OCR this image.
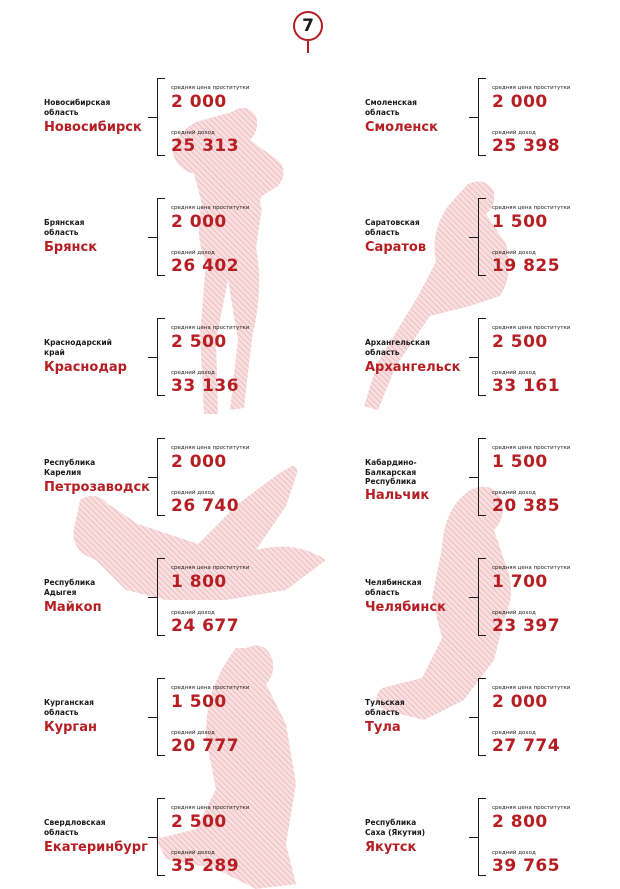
7
Новосибирская
область
Новосибирск
средняя цена проститутки
2 000
средний доход
25 313
Брянская
область
Брянск
средняя цена проститутки
2 000
средний доход
26 402
Краснодарский
край
Краснодар
средняя цена проститутки
2 500
средний доход
33 136
Республика
Карелия
Петрозаводск
средняя цена проститутки
2 000
средний доход
26 740
Республика
Адыгея
Майкоп
средняя цена проститутки
1 800
средний доход
24 677
Курганская
область
Курган
средняя цена проститутки
1 500
средний доход
20 777
Свердловская
область
Екатеринбург
средняя цена проститутки
2 500
средний доход
35 289
Смоленская
область
Смоленск
средняя цена проститутки
2 000
средний доход
25 398
Саратовская
область
Саратов
средняя цена проститутки
1 500
средний доход
19 825
Архангельская
область
Архангельск
средняя цена проститутки
2 500
средний доход
33 161
Кабардино-
Балкарская
Республика
Нальчик
средняя цена проститутки
1 500
средний доход
20 385
Челябинская
область
Челябинск
средняя цена проститутки
1 700
средний доход
23 397
Тульская
область
Тула
средняя цена проститутки
2 000
средний доход
27 774
Республика
Саха (Якутия)
Якутск
средняя цена проститутки
2 800
средний доход
39 765
